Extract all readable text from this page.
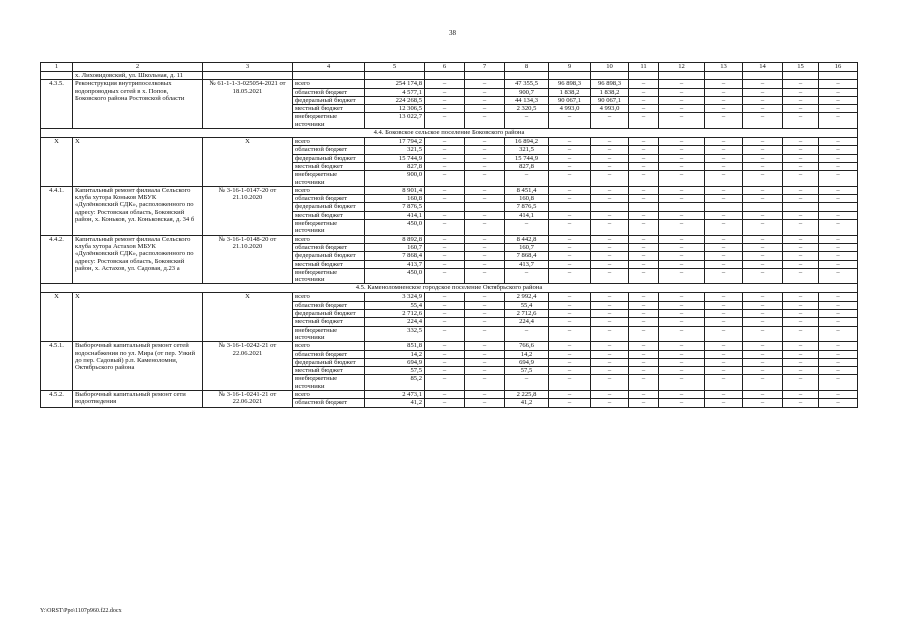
38
1	2	3	4	5	6	7	8	9	10	11	12	13	14	15	16
	х. Лихояидовский, ул. Школьная, д. 11														
4.3.5.	Реконструкция внутрипоселковых водопроводных сетей в х. Попов, Боковского района Ростовской области	№ 61-1-1-3-025054-2021 от 18.05.2021	всего	254 174,8	–	–	47 355,5	96 898,3	96 898,3	–	–	–	–	–	–
			областной бюджет	4 577,1	–	–	900,7	1 838,2	1 838,2	–	–	–	–	–	–
			федеральный бюджет	224 268,5	–	–	44 134,3	90 067,1	90 067,1	–	–	–	–	–	–
			местный бюджет	12 306,5	–	–	2 320,5	4 993,0	4 993,0	–	–	–	–	–	–
			внебюджетные источники	13 022,7	–	–	–	–	–	–	–	–	–	–	–
4.4. Боковское сельское поселение Боковского района															
Х	Х	Х	всего	17 794,2	–	–	16 894,2	–	–	–	–	–	–	–	–
			областной бюджет	321,5	–	–	321,5	–	–	–	–	–	–	–	–
			федеральный бюджет	15 744,9	–	–	15 744,9	–	–	–	–	–	–	–	–
			местный бюджет	827,8	–	–	827,8	–	–	–	–	–	–	–	–
			внебюджетные источники	900,0	–	–	–	–	–	–	–	–	–	–	–
4.4.1.	Капитальный ремонт филиала Сельского клуба хутора Коньков МБУК «Дулёнковский СДК», расположенного по адресу: Ростовская область, Боковский район, х. Коньков, ул. Коньковская, д. 34 б	№ 3-16-1-0147-20 от 21.10.2020	всего	8 901,4	–	–	8 451,4	–	–	–	–	–	–	–	–
			областной бюджет	160,8	–	–	160,8	–	–	–	–	–	–	–	–
			федеральный бюджет	7 876,5			7 876,5								
			местный бюджет	414,1	–	–	414,1	–	–	–	–	–	–	–	–
			внебюджетные источники	450,0	–	–	–	–	–	–	–	–	–	–	–
4.4.2.	Капитальный ремонт филиала Сельского клуба хутора Астахов МБУК «Дулёнковский СДК», расположенного по адресу: Ростовская область, Боковский район, х. Астахов, ул. Садовая, д.23 а	№ 3-16-1-0148-20 от 21.10.2020	всего	8 892,8	–	–	8 442,8	–	–	–	–	–	–	–	–
			областной бюджет	160,7	–	–	160,7	–	–	–	–	–	–	–	–
			федеральный бюджет	7 868,4	–	–	7 868,4	–	–	–	–	–	–	–	–
			местный бюджет	413,7	–	–	413,7	–	–	–	–	–	–	–	–
			внебюджетные источники	450,0	–	–	–	–	–	–	–	–	–	–	–
4.5. Каменоломненское городское поселение Октябрьского района															
Х	Х	Х	всего	3 324,9	–	–	2 992,4	–	–	–	–	–	–	–	–
			областной бюджет	55,4	–	–	55,4	–	–	–	–	–	–	–	–
			федеральный бюджет	2 712,6	–	–	2 712,6	–	–	–	–	–	–	–	–
			местный бюджет	224,4	–	–	224,4	–	–	–	–	–	–	–	–
			внебюджетные источники	332,5	–	–	–	–	–	–	–	–	–	–	–
4.5.1.	Выборочный капитальный ремонт сетей водоснабжения по ул. Мира (от пер. Узкий до пер. Садовый) р.п. Каменоломни, Октябрьского района	№ 3-16-1-0242-21 от 22.06.2021	всего	851,8	–	–	766,6	–	–	–	–	–	–	–	–
			областной бюджет	14,2	–	–	14,2	–	–	–	–	–	–	–	–
			федеральный бюджет	694,9	–	–	694,9	–	–	–	–	–	–	–	–
			местный бюджет	57,5	–	–	57,5	–	–	–	–	–	–	–	–
			внебюджетные источники	85,2	–	–	–	–	–	–	–	–	–	–	–
4.5.2.	Выборочный капитальный ремонт сети водоотведения	№ 3-16-1-0241-21 от 22.06.2021	всего	2 473,1	–	–	2 225,8	–	–	–	–	–	–	–	–
			областной бюджет	41,2	–	–	41,2	–	–	–	–	–	–	–	–
Y:\ORST\Ppo\1107p960.f22.docx
